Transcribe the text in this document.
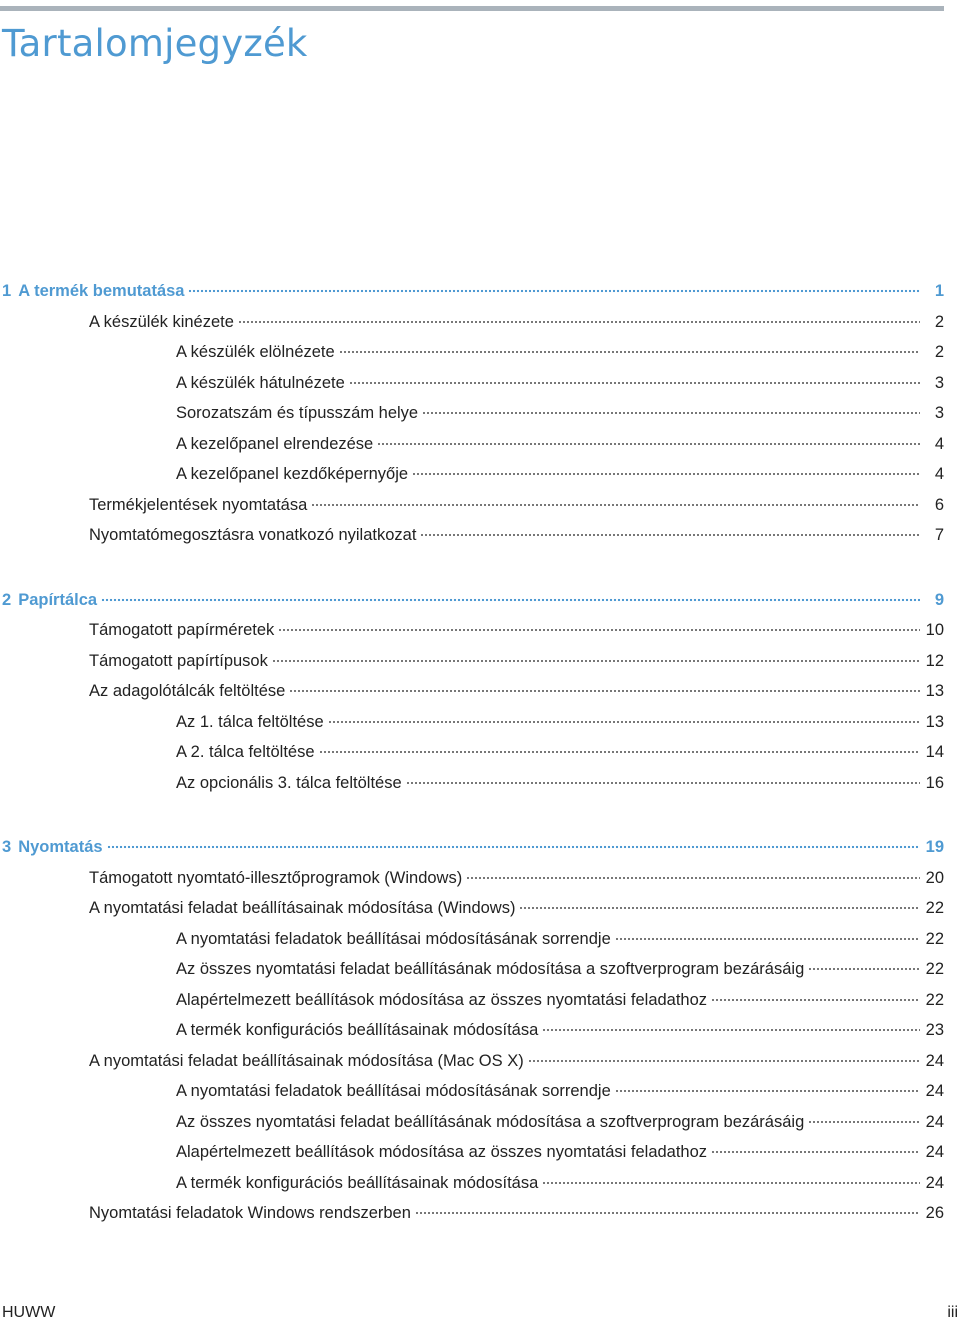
Tartalomjegyzék
1 A termék bemutatása	1
A készülék kinézete	2
A készülék elölnézete	2
A készülék hátulnézete	3
Sorozatszám és típusszám helye	3
A kezelőpanel elrendezése	4
A kezelőpanel kezdőképernyője	4
Termékjelentések nyomtatása	6
Nyomtatómegosztásra vonatkozó nyilatkozat	7
2 Papírtálca	9
Támogatott papírméretek	10
Támogatott papírtípusok	12
Az adagolótálcák feltöltése	13
Az 1. tálca feltöltése	13
A 2. tálca feltöltése	14
Az opcionális 3. tálca feltöltése	16
3 Nyomtatás	19
Támogatott nyomtató-illesztőprogramok (Windows)	20
A nyomtatási feladat beállításainak módosítása (Windows)	22
A nyomtatási feladatok beállításai módosításának sorrendje	22
Az összes nyomtatási feladat beállításának módosítása a szoftverprogram bezárásáig	22
Alapértelmezett beállítások módosítása az összes nyomtatási feladathoz	22
A termék konfigurációs beállításainak módosítása	23
A nyomtatási feladat beállításainak módosítása (Mac OS X)	24
A nyomtatási feladatok beállításai módosításának sorrendje	24
Az összes nyomtatási feladat beállításának módosítása a szoftverprogram bezárásáig	24
Alapértelmezett beállítások módosítása az összes nyomtatási feladathoz	24
A termék konfigurációs beállításainak módosítása	24
Nyomtatási feladatok Windows rendszerben	26
HUWW	iii
